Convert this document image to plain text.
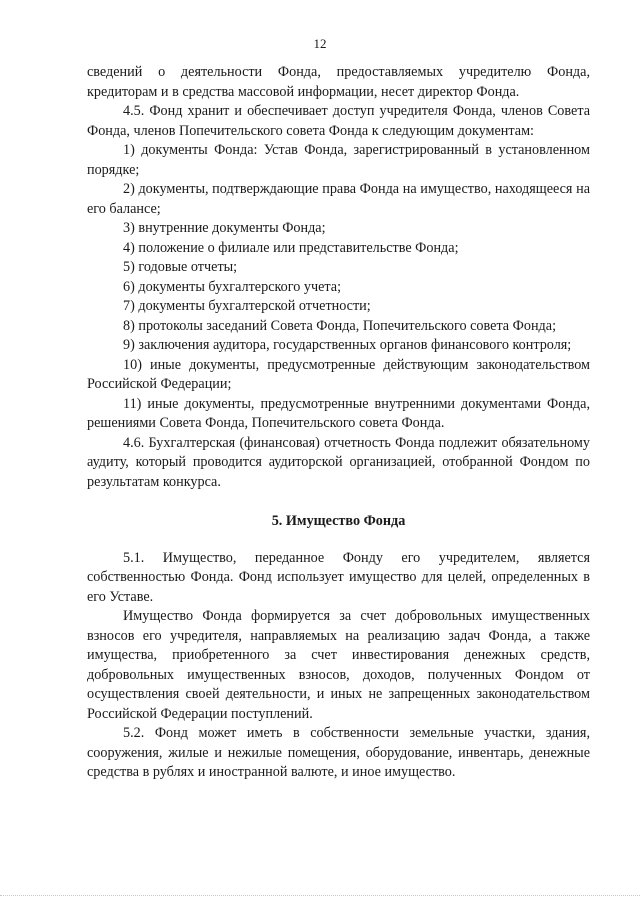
12

сведений о деятельности Фонда, предоставляемых учредителю Фонда, кредиторам и в средства массовой информации, несет директор Фонда.

4.5. Фонд хранит и обеспечивает доступ учредителя Фонда, членов Совета Фонда, членов Попечительского совета Фонда к следующим документам:

1) документы Фонда: Устав Фонда, зарегистрированный в установленном порядке;

2) документы, подтверждающие права Фонда на имущество, находящееся на его балансе;

3) внутренние документы Фонда;

4) положение о филиале или представительстве Фонда;

5) годовые отчеты;

6) документы бухгалтерского учета;

7) документы бухгалтерской отчетности;

8) протоколы заседаний Совета Фонда, Попечительского совета Фонда;

9) заключения аудитора, государственных органов финансового контроля;

10) иные документы, предусмотренные действующим законодательством Российской Федерации;

11) иные документы, предусмотренные внутренними документами Фонда, решениями Совета Фонда, Попечительского совета Фонда.

4.6. Бухгалтерская (финансовая) отчетность Фонда подлежит обязательному аудиту, который проводится аудиторской организацией, отобранной Фондом по результатам конкурса.

5. Имущество Фонда

5.1. Имущество, переданное Фонду его учредителем, является собственностью Фонда. Фонд использует имущество для целей, определенных в его Уставе.

Имущество Фонда формируется за счет добровольных имущественных взносов его учредителя, направляемых на реализацию задач Фонда, а также имущества, приобретенного за счет инвестирования денежных средств, добровольных имущественных взносов, доходов, полученных Фондом от осуществления своей деятельности, и иных не запрещенных законодательством Российской Федерации поступлений.

5.2. Фонд может иметь в собственности земельные участки, здания, сооружения, жилые и нежилые помещения, оборудование, инвентарь, денежные средства в рублях и иностранной валюте, и иное имущество.
